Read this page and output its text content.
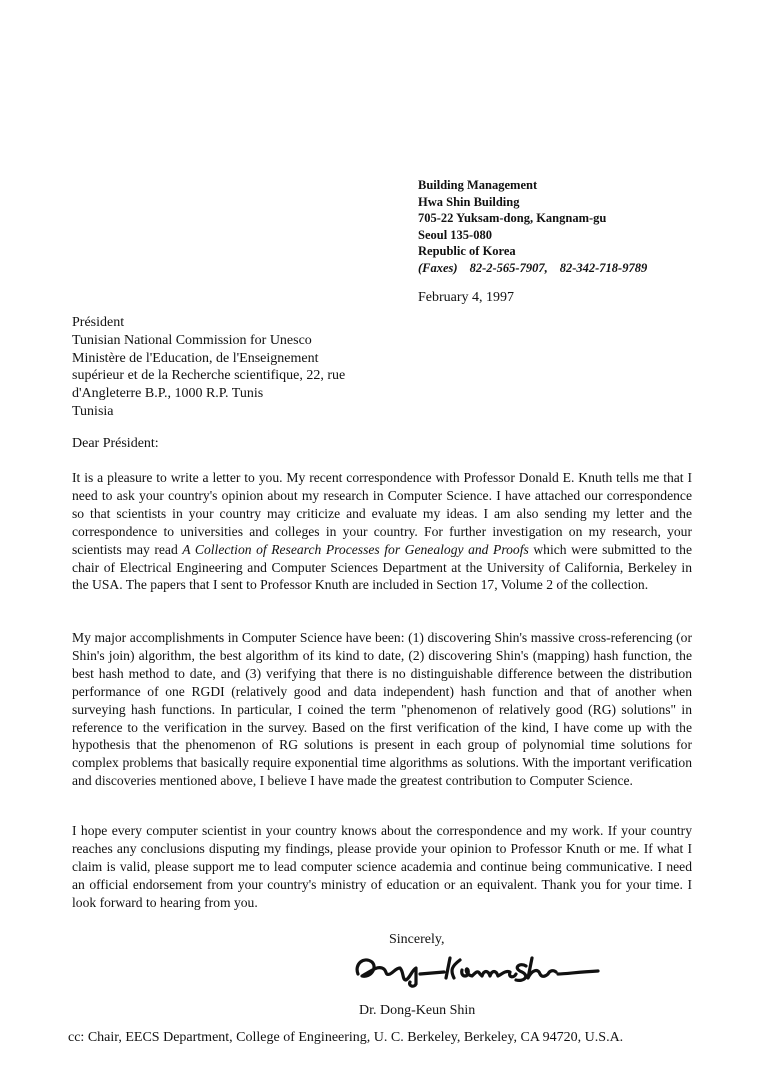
Building Management
Hwa Shin Building
705-22 Yuksam-dong, Kangnam-gu
Seoul 135-080
Republic of Korea
(Faxes) 82-2-565-7907, 82-342-718-9789
February 4, 1997
Président
Tunisian National Commission for Unesco
Ministère de l'Education, de l'Enseignement
supérieur et de la Recherche scientifique, 22, rue
d'Angleterre B.P., 1000 R.P. Tunis
Tunisia
Dear Président:

It is a pleasure to write a letter to you. My recent correspondence with Professor Donald E. Knuth tells me that I need to ask your country's opinion about my research in Computer Science. I have attached our correspondence so that scientists in your country may criticize and evaluate my ideas. I am also sending my letter and the correspondence to universities and colleges in your country. For further investigation on my research, your scientists may read A Collection of Research Processes for Genealogy and Proofs which were submitted to the chair of Electrical Engineering and Computer Sciences Department at the University of California, Berkeley in the USA. The papers that I sent to Professor Knuth are included in Section 17, Volume 2 of the collection.

My major accomplishments in Computer Science have been: (1) discovering Shin's massive cross-referencing (or Shin's join) algorithm, the best algorithm of its kind to date, (2) discovering Shin's (mapping) hash function, the best hash method to date, and (3) verifying that there is no distinguishable difference between the distribution performance of one RGDI (relatively good and data independent) hash function and that of another when surveying hash functions. In particular, I coined the term "phenomenon of relatively good (RG) solutions" in reference to the verification in the survey. Based on the first verification of the kind, I have come up with the hypothesis that the phenomenon of RG solutions is present in each group of polynomial time solutions for complex problems that basically require exponential time algorithms as solutions. With the important verification and discoveries mentioned above, I believe I have made the greatest contribution to Computer Science.

I hope every computer scientist in your country knows about the correspondence and my work. If your country reaches any conclusions disputing my findings, please provide your opinion to Professor Knuth or me. If what I claim is valid, please support me to lead computer science academia and continue being communicative. I need an official endorsement from your country's ministry of education or an equivalent. Thank you for your time. I look forward to hearing from you.

Sincerely,
Dr. Dong-Keun Shin
cc: Chair, EECS Department, College of Engineering, U. C. Berkeley, Berkeley, CA 94720, U.S.A.
